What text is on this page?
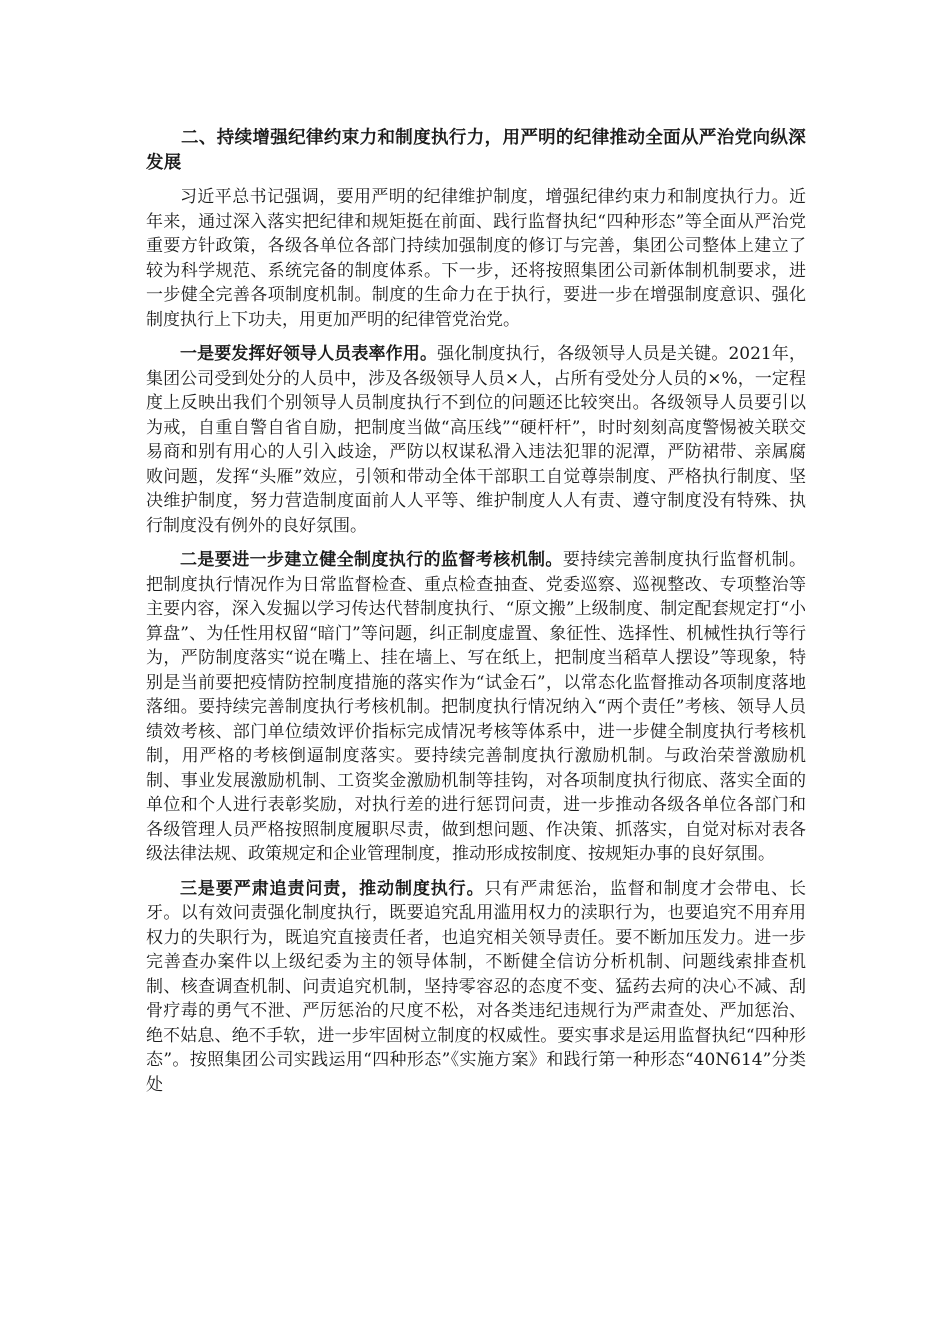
二、持续增强纪律约束力和制度执行力，用严明的纪律推动全面从严治党向纵深发展

习近平总书记强调，要用严明的纪律维护制度，增强纪律约束力和制度执行力。近年来，通过深入落实把纪律和规矩挺在前面、践行监督执纪“四种形态”等全面从严治党重要方针政策，各级各单位各部门持续加强制度的修订与完善，集团公司整体上建立了较为科学规范、系统完备的制度体系。下一步，还将按照集团公司新体制机制要求，进一步健全完善各项制度机制。制度的生命力在于执行，要进一步在增强制度意识、强化制度执行上下功夫，用更加严明的纪律管党治党。

一是要发挥好领导人员表率作用。强化制度执行，各级领导人员是关键。2021年，集团公司受到处分的人员中，涉及各级领导人员×人，占所有受处分人员的×%，一定程度上反映出我们个别领导人员制度执行不到位的问题还比较突出。各级领导人员要引以为戒，自重自警自省自励，把制度当做“高压线”“硬杆杆”，时时刻刻高度警惕被关联交易商和别有用心的人引入歧途，严防以权谋私滑入违法犯罪的泥潭，严防裙带、亲属腐败问题，发挥“头雁”效应，引领和带动全体干部职工自觉尊崇制度、严格执行制度、坚决维护制度，努力营造制度面前人人平等、维护制度人人有责、遵守制度没有特殊、执行制度没有例外的良好氛围。

二是要进一步建立健全制度执行的监督考核机制。要持续完善制度执行监督机制。把制度执行情况作为日常监督检查、重点检查抽查、党委巡察、巡视整改、专项整治等主要内容，深入发掘以学习传达代替制度执行、“原文搬”上级制度、制定配套规定打“小算盘”、为任性用权留“暗门”等问题，纠正制度虚置、象征性、选择性、机械性执行等行为，严防制度落实“说在嘴上、挂在墙上、写在纸上，把制度当稻草人摆设”等现象，特别是当前要把疫情防控制度措施的落实作为“试金石”，以常态化监督推动各项制度落地落细。要持续完善制度执行考核机制。把制度执行情况纳入“两个责任”考核、领导人员绩效考核、部门单位绩效评价指标完成情况考核等体系中，进一步健全制度执行考核机制，用严格的考核倒逼制度落实。要持续完善制度执行激励机制。与政治荣誉激励机制、事业发展激励机制、工资奖金激励机制等挂钩，对各项制度执行彻底、落实全面的单位和个人进行表彰奖励，对执行差的进行惩罚问责，进一步推动各级各单位各部门和各级管理人员严格按照制度履职尽责，做到想问题、作决策、抓落实，自觉对标对表各级法律法规、政策规定和企业管理制度，推动形成按制度、按规矩办事的良好氛围。

三是要严肃追责问责，推动制度执行。只有严肃惩治，监督和制度才会带电、长牙。以有效问责强化制度执行，既要追究乱用滥用权力的渎职行为，也要追究不用弃用权力的失职行为，既追究直接责任者，也追究相关领导责任。要不断加压发力。进一步完善查办案件以上级纪委为主的领导体制，不断健全信访分析机制、问题线索排查机制、核查调查机制、问责追究机制，坚持零容忍的态度不变、猛药去疴的决心不减、刮骨疗毒的勇气不泄、严厉惩治的尺度不松，对各类违纪违规行为严肃查处、严加惩治、绝不姑息、绝不手软，进一步牢固树立制度的权威性。要实事求是运用监督执纪“四种形态”。按照集团公司实践运用“四种形态”《实施方案》和践行第一种形态“40N614”分类处
